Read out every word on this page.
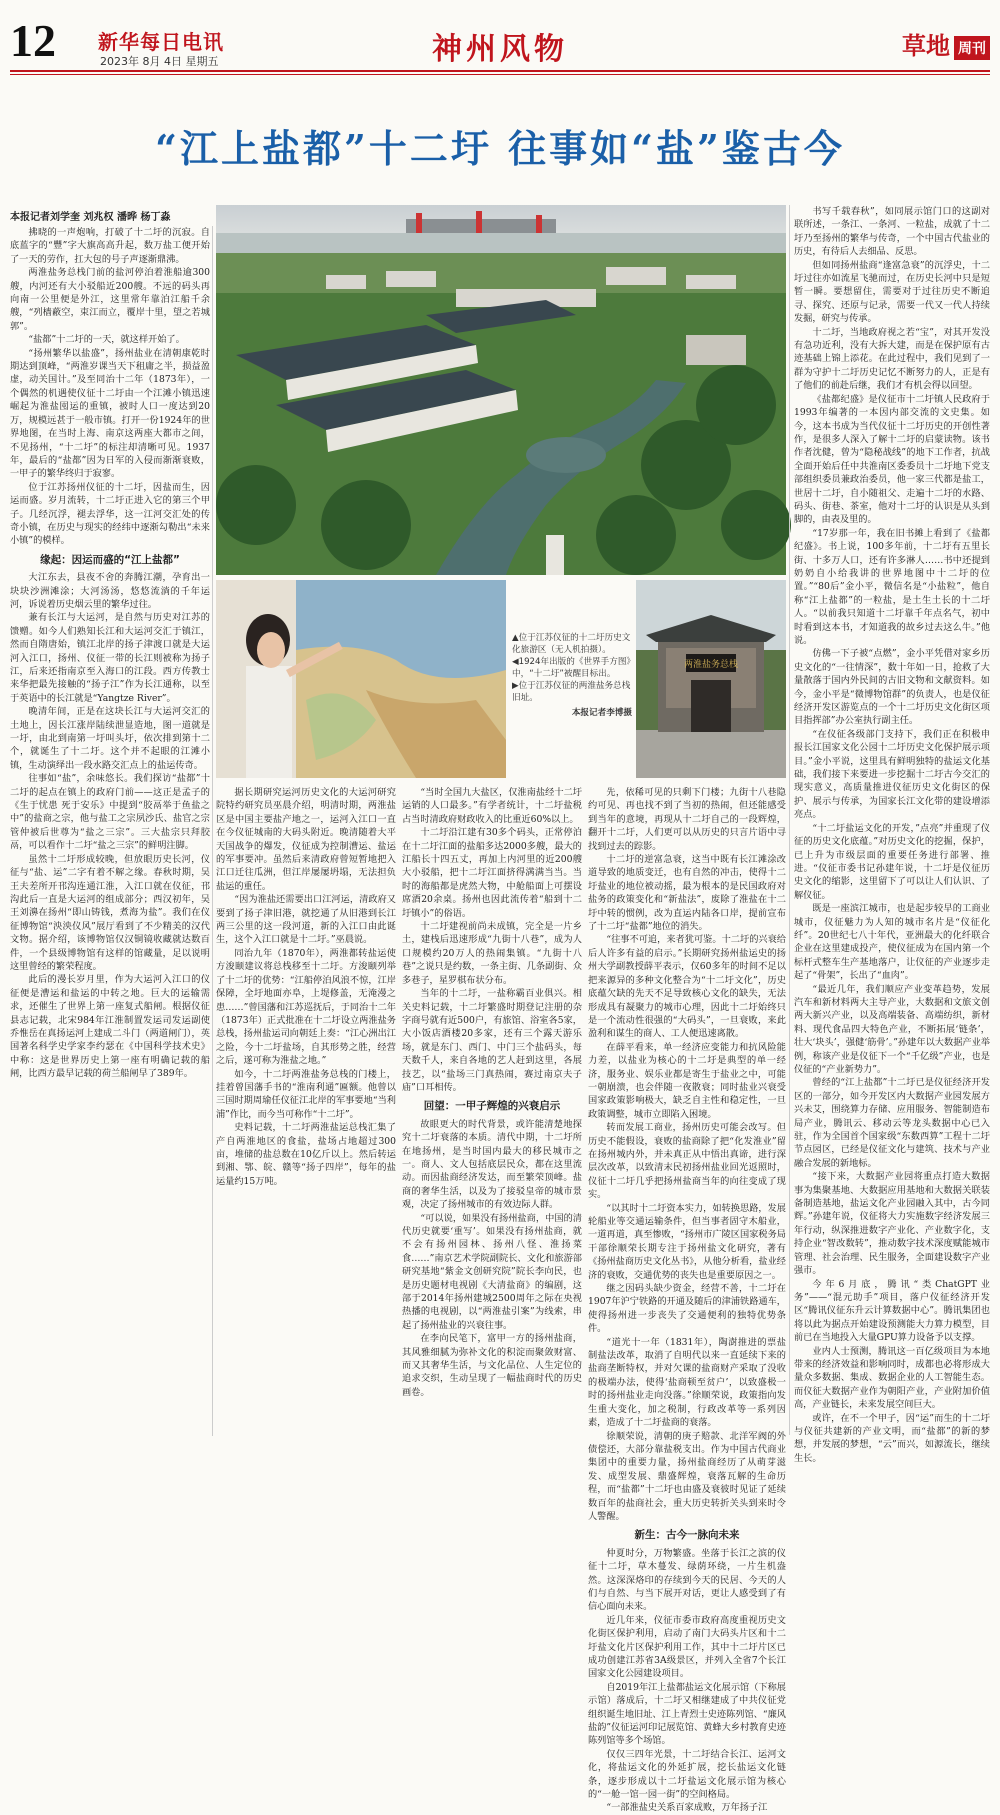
12 新华每日电讯
2023年 8月 4日 星期五	神州风物	草地 周刊
“江上盐都”十二圩 往事如“盐”鉴古今
本报记者刘学奎 刘兆权 潘晔 杨丁淼

拂晓的一声炮响，打破了十二圩的沉寂。自底蓝字的“豐”字大旗高高升起，数万盐工便开始了一天的劳作，扛大包的号子声逐渐鼎沸。

两淮盐务总栈门前的盐河停泊着淮船逾300艘，内河还有大小驳船近200艘。不远的码头再向南一公里便是外江，这里常年靠泊江船千余艘，“列樯蔽空，束江而立，覆岸十里，望之若城郭”。

“盐都”十二圩的一天，就这样开始了。

“扬州繁华以盐盛”，扬州盐业在清朝康乾时期达到顶峰，“两淮岁课当天下租庸之半，损益盈虚，动关国计。”及至同治十二年（1873年），一个偶然的机遇使仪征十二圩由一个江滩小镇迅速崛起为淮盐囤运的重镇，被时人口一度达到20万，规模远甚于一般市镇。打开一份1924年的世界地图，在当时上海、南京这两座大都市之间，不见扬州，“十二圩”的标注却清晰可见。1937年，最后的“盐都”因为日军的入侵而渐渐衰败，一甲子的繁华终归于寂寥。

位于江苏扬州仪征的十二圩，因盐而生，因运而盛。岁月流转，十二圩正进入它的第三个甲子。几经沉浮，褪去浮华，这一江河交汇处的传奇小镇，在历史与现实的经纬中逐渐勾勒出“未来小镇”的模样。

缘起：因运而盛的“江上盐都”

大江东去，县夜不舍的奔腾江潮，孕育出一块块沙洲滩涂；大河汤汤，悠悠流淌的千年运河，诉说着历史烟云里的繁华过往。

兼有长江与大运河，是自然与历史对江苏的馈赠。如今人们熟知长江和大运河交汇于镇江，然而自隋唐始，镇江北岸的扬子津渡口就是大运河入江口，扬州、仪征一带的长江则被称为扬子江，后来还指南京至入海口的江段。西方传教士来华把最先接触的“扬子江”作为长江通称，以至于英语中的长江就是“Yangtze River”。

晚清年间，正是在这块长江与大运河交汇的土地上，因长江涨岸陆续泄显造地，图一道就是一圩，由北到南第一圩叫头圩，依次排到第十二个，就诞生了十二圩。这个并不起眼的江滩小镇，生动演绎出一段水路交汇点上的盐运传奇。

往事如“盐”，余味悠长。我们探访“盐都”十二圩的起点在镇上的政府门前——这正是孟子的《生于忧患 死于安乐》中提到“胶鬲举于鱼盐之中”的盐商之宗，他与盐工之宗夙沙氏、盐官之宗管仲被后世尊为“盐之三宗”。三大盐宗只拜胶鬲，可以看作十二圩“盐之三宗”的鲜明注脚。

虽然十二圩形成较晚，但放眼历史长河，仪征与“盐、运”二字有着不解之缘。春秋时期，吴王夫差所开邗沟连通江淮，入江口就在仪征，邗沟此后一直是大运河的组成部分；西汉初年，吴王刘濞在扬州“即山铸钱，煮海为盐”。我们在仪征博物馆“泱泱仪风”展厅看到了不少精美的汉代文物。据介绍，该博物馆仅汉铜镜收藏就达数百件，一个县级博物馆有这样的馆藏量，足以说明这里曾经的繁荣程度。

此后的漫长岁月里，作为大运河入江口的仪征便是漕运和盐运的中转之地。巨大的运输需求，还催生了世界上第一座复式船闸。根据仪征县志记载，北宋984年江淮制置发运司发运副使乔惟岳在真扬运河上建成二斗门（两道闸门），英国著名科学史学家李约瑟在《中国科学技术史》中称：这是世界历史上第一座有明确记载的船闸，比西方最早记载的荷兰船闸早了389年。

▲位于江苏仪征的十二圩历史文化旅游区（无人机拍摄）。
◀1924年出版的《世界手方图》中，“十二圩”被醒目标出。
▶位于江苏仪征的两淮盐务总栈旧址。
本报记者李博摄
两淮盐务总栈

据长期研究运河历史文化的大运河研究院特约研究员巫晨介绍，明清时期，两淮盐区是中国主要盐产地之一，运河入江口一直在今仪征城南的大码头附近。晚清随着大平天国战争的爆发，仪征成为控制漕运、盐运的军事要冲。虽然后来清政府曾短暂地把入江口迁往瓜洲，但江岸屡屡坍塌，无法担负盐运的重任。

“因为淮盐还需要出口江河运，清政府又要到了扬子津旧港，就挖通了从旧港到长江两三公里的这一段河道，新的入江口由此诞生，这个入江口就是十二圩。”巫晨说。

同治九年（1870年），两淮都转盐运使方浚颐建议将总栈移至十二圩。方浚颐列举了十二圩的优势：“江船停泊风浪不惊，江岸保障，全圩地面亦阜，上堤修盖，无淹漫之患……”曾国藩和江苏巡抚后，于同治十二年（1873年）正式批准在十二圩设立两淮盐务总栈，扬州盐运司向朝廷上奏：“江心洲出江之险，今十二圩盐场，自其形势之胜，经营之后，遂可称为淮盐之地。”

如今，十二圩两淮盐务总栈的门楼上，挂着曾国藩手书的“淮南利通”匾额。他曾以三国时期周瑜任仪征江北岸的军事要地“当利浦”作比，而今当可称作“十二圩”。

史料记载，十二圩两淮盐运总栈汇集了产自两淮地区的食盐，盐场占地超过300亩，堆储的盐总数在10亿斤以上。然后转运到湘、鄂、皖、赣等“扬子四岸”，每年的盐运量约15万吨。

“当时全国九大盐区，仅淮南盐经十二圩运销的人口最多。”有学者统计，十二圩盐税占当时清政府财政收入的比重近60%以上。

十二圩沿江建有30多个码头，正常停泊在十二圩江面的盐船多达2000多艘，最大的江船长十四五丈，再加上内河里的近200艘大小驳船，把十二圩江面挤得满满当当。当时的海船都是虎然大物，中舱船面上可摆设席酒20余桌。扬州也因此流传着“船到十二圩镇小”的俗语。

十二圩建视前尚未成镇，完全是一片乡土，建栈后迅速形成“九街十八巷”，成为人口规模约20万人的热闹集镇。“九街十八巷”之说只是约数，一条主街、几条副街、众多巷子，星罗棋布状分布。

当年的十二圩，一盐称霸百业俱兴。相关史料记载，十二圩繁盛时期登记注册的杂字商号就有近500户，有旅馆、浴室各5家，大小饭店酒楼20多家，还有三个露天游乐场，就是东门、西门、中门三个盐码头，每天数千人，来自各地的艺人赶到这里，各展技艺，以“盐场三门真热闹，赛过南京夫子庙”口耳相传。

回望：一甲子辉煌的兴衰启示

故眼更大的时代背景，或许能清楚地探究十二圩衰落的本质。清代中期，十二圩所在地扬州，是当时国内最大的移民城市之一。商人、文人包括底层民众，都在这里流动。而因盐商经济发达，而至繁荣顶峰。盐商的奢华生活，以及为了接驳皇帝的城市景观，决定了扬州城市的有效边际人群。

“可以说，如果没有扬州盐商，中国的清代历史就要‘重写’。如果没有扬州盐商，就不会有扬州园林、扬州八怪、淮扬菜食……”南京艺术学院副院长、文化和旅游部研究基地“紫金文创研究院”院长李向民，也是历史题材电视剧《大清盐商》的编剧，这部于2014年扬州建城2500周年之际在央视热播的电视剧，以“两淮盐引案”为线索，串起了扬州盐业的兴衰往事。

在李向民笔下，富甲一方的扬州盐商，其风雅细腻为弥补文化的积淀而聚敛财富、而又其奢华生活，与文化品位、人生定位的追求交织，生动呈现了一幅盐商时代的历史画卷。

先，依稀可见的只剩下门楼；九街十八巷隐约可见、再也找不到了当初的热闹，但还能感受到当年的意境，再现从十二圩自己的一段辉煌，翻开十二圩，人们更可以从历史的只言片语中寻找到过去的踪影。

十二圩的逆富急衰，这当中既有长江滩涂改道导致的地质变迁，也有自然的冲击，使得十二圩盐业的地位被动摇，最为根本的是民国政府对盐务的政策变化和“新盐法”，废除了淮盐在十二圩中转的惯例，改为直运内陆各口岸，提前宣布了十二圩“盐都”地位的消失。

“往事不可追，来者犹可鉴。十二圩的兴衰给后人许多有益的启示。”长期研究扬州盐运史的扬州大学副教授薛平表示，仅60多年的时间不足以把来源异的多种文化整合为“十二圩文化”，历史底蕴欠缺的先天不足导致核心文化的缺失，无法形成具有凝聚力的城市心理，因此十二圩始终只是一个流动性很强的“大码头”，一旦衰败，来此盈利和谋生的商人、工人便迅速离散。

在薛平看来，单一经济应变能力和抗风险能力差，以盐业为核心的十二圩是典型的单一经济，服务业、娱乐业都是寄生于盐业之中，可能一朝崩溃，也会伴随一夜散衰；同时盐业兴衰受国家政策影响极大，缺乏自主性和稳定性，一旦政策调整，城市立即陷入困境。

转而发展工商业，扬州历史可能会改写。但历史不能假设，衰败的盐商除了把“化发淮业”留在扬州城内外，并未真正从中悟出真谛，进行深层次改革，以致清末民初扬州盐业回光返照时，仪征十二圩几乎把扬州盐商当年的向往变成了现实。

“以其时十二圩资本实力，如转换思路，发展轮船业等交通运输条件，但当事者固守木船业，一道再道，真至惨败，“扬州市广陵区国家税务局干部徐顺荣长期专注于扬州盐文化研究，著有《扬州盐商历史文化丛书》，从他分析看，盐业经济的衰败，交通优势的丧失也是重要原因之一。

继之因码头缺少资金，经营不善，十二圩在1907年沪宁铁路的开通及随后的津浦铁路通车，使得扬州进一步丧失了交通便利的独特优势条件。

“道光十一年（1831年），陶澍推进的票盐制盐法改革，取消了自明代以来一直延续下来的盐商垄断特权，并对欠课的盐商财产采取了没收的极端办法，使得‘盐商顿至贫户’，以致盛极一时的扬州盐业走向没落。”徐顺荣说，政策指向发生重大变化，加之税制，行政改革等一系列因素，造成了十二圩盐商的衰落。

徐顺荣说，清朝的庚子赔款、北洋军阀的外债偿还，大部分靠盐税支出。作为中国古代商业集团中的重要力量，扬州盐商经历了从萌芽滋发、成型发展、鼎盛辉煌，衰落瓦解的生命历程，而“盐都”十二圩也由盛及衰彼时见证了延续数百年的盐商社会，重大历史转折关头到来时令人警醒。

新生：古今一脉向未来

仲夏时分，万物繁盛。坐落于长江之滨的仪征十二圩，草木蔓发、绿荫环绕，一片生机盎然。这深深烙印的存续到今天的民居、今天的人们与自然、与当下展开对话，更让人感受到了有信心面向未来。

近几年来，仪征市委市政府高度重视历史文化街区保护利用，启动了南门大码头片区和十二圩盐文化片区保护利用工作，其中十二圩片区已成功创建江苏省3A级景区，并列入全省7个长江国家文化公园建设项目。

自2019年江上盐都盐运文化展示馆（下称展示馆）落成后，十二圩又相继建成了中共仪征党组织诞生地旧址、江上青烈士史迹陈列馆、“廉风盐韵”仪征运河印记展览馆、黄蜂大乡村教育史迹陈列馆等多个场馆。

仅仅三四年光景，十二圩结合长江、运河文化，将盐运文化的外延扩展，挖长盐运文化链条，逐步形成以十二圩盐运文化展示馆为核心的“一舱一馆一园一街”的空间格局。

“一部淮盐史关系百家成败，万年扬子江

书写千载春秋”，如同展示馆门口的这副对联所述，一条江、一条河、一粒盐，成就了十二圩乃至扬州的繁华与传奇，一个中国古代盐业的历史，有待后人去细品、反思。

但如同扬州盐商“逢富急衰”的沉浮史，十二圩过往亦如流星飞驰而过，在历史长河中只是短暂一瞬。要想留住，需要对于过往历史不断追寻、探究、还原与记录，需要一代又一代人持续发掘，研究与传承。

十二圩，当地政府视之若“宝”，对其开发没有急功近利，没有大拆大建，而是在保护原有古迹基础上锦上添花。在此过程中，我们见到了一群为守护十二圩历史记忆不断努力的人，正是有了他们的前赴后继，我们才有机会得以回望。

《盐都纪盛》是仪征市十二圩镇人民政府于1993年编著的一本因内部交流的文史集。如今，这本书成为当代仪征十二圩历史的开创性著作，是很多人深入了解十二圩的启蒙读物。该书作者沈健，曾为“隐秘战线”的地下工作者，抗战全面开始后任中共淮南区委委员十二圩地下党支部组织委员兼政治委员，他一家三代都是盐工，世居十二圩，自小随祖父、走遍十二圩的水路、码头、街巷、茶室，他对十二圩的认识是从头到脚的，由表及里的。

“17岁那一年，我在旧书摊上看到了《盐都纪盛》。书上说，100多年前，十二圩有五里长街、十多万人口，还有许多淋人……书中还提到奶奶自小给我讲的世界地图中十二圩的位置。”“80后”金小平，微信名是“小盐粒”，他自称“江上盐都”的一粒盐，是土生土长的十二圩人。“以前我只知道十二圩靠千年点名气，初中时看到这本书，才知道我的故乡过去这么牛。”他说。

仿佛一下子被“点燃”，金小平凭借对家乡历史文化的“一往情深”，数十年如一日，抢救了大量散落于国内外民间的古旧文物和文献资料。如今，金小平是“微博物馆群”的负责人，也是仪征经济开发区游览点的一个十二圩历史文化街区项目指挥部”办公室执行副主任。

“在仪征各级部门支持下，我们正在积极申报长江国家文化公园十二圩历史文化保护展示项目。”金小平说，这里具有鲜明独特的盐运文化基础，我们接下来要进一步挖掘十二圩古今交汇的现实意义，高质量推进仪征历史文化街区的保护、展示与传承，为国家长江文化带的建设增添亮点。

“十二圩盐运文化的开发，”点亮”并重现了仪征的历史文化底蕴。”对历史文化的挖掘，保护，已上升为市级层面的重要任务进行部署、推进。“仪征市委书记孙建年说，十二圩是仪征历史文化的缩影，这里留下了可以让人们认识、了解仪征。

既是一座滨江城市，也是起步较早的工商业城市，仪征魅力为人知的城市名片是“仪征化纤”。20世纪七八十年代，亚洲最大的化纤联合企业在这里建成投产，使仪征成为在国内第一个标杆式整车生产基地落户，让仪征的产业逐步走起了“骨架”，长出了“血肉”。

“最近几年，我们顺应产业变革趋势，发展汽车和新材料两大主导产业，大数据和文旅文创两大新兴产业，以及高端装备、高端纺织，新材料、现代食品四大特色产业，不断拓展‘链条’，壮大‘块头’，强健‘筋骨’。”孙建年以大数据产业举例，称该产业是仪征下一个“千亿级”产业，也是仪征的“产业新势力”。

曾经的“江上盐都”十二圩已是仪征经济开发区的一部分，如今开发区内大数据产业园发展方兴未艾，围绕算力存储、应用服务、智能制造布局产业，腾讯云、移动云等龙头数据中心已入驻，作为全国首个国家级“东数西算”工程十二圩节点园区，已经是仪征文化与建筑、技术与产业融合发展的新地标。

“接下来，大数据产业园将重点打造大数据事为集聚基地、大数据应用基地和大数据关联装备制造基地，盐运文化产业园融入其中，古今同辉。”孙建年说，仪征将大力实施数字经济发展三年行动，纵深推进数字产业化、产业数字化，支持企业“智改数转”，推动数字技术深度赋能城市管理、社会治理、民生服务，全面建设数字产业强市。

今年6月底，腾讯“类ChatGPT业务”——“混元助手”项目，落户仪征经济开发区“腾讯仪征东升云计算数据中心”。腾讯集团也将以此为据点开始建设预测能大力算力模型，目前已在当地投入大量GPU算力设备予以支撑。

业内人士预测，腾讯这一百亿级项目为本地带来的经济效益和影响同时，成都也必将形成大量众多数据、集成、数据企业的人工智能生态。而仪征大数据产业作为朝阳产业，产业附加价值高，产业链长，未来发展空间巨大。

或许，在不一个甲子，因“运”而生的十二圩与仪征共建新的产业文明，而“盐都”的新的梦想，并发展的梦想，“云”而兴，如源流长，继续生长。
